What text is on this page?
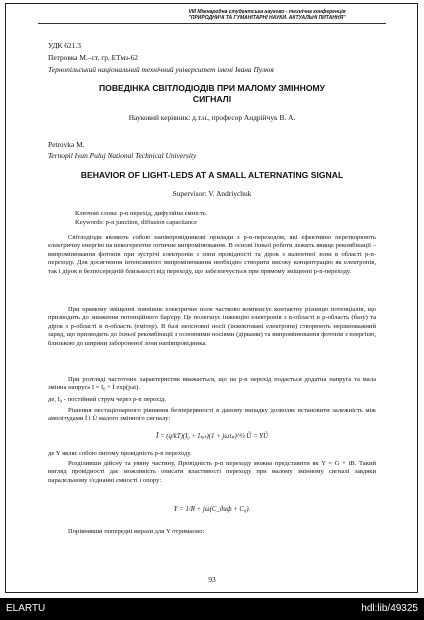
VIII Міжнародна студентська науково - технічна конференція
"ПРИРОДНИЧІ ТА ГУМАНІТАРНІ НАУКИ. АКТУАЛЬНІ ПИТАННЯ"
УДК 621.3
Петровка М.–ст. гр. ЕТмз-62
Тернопільський національний технічний університет імені Івана Пулюя
ПОВЕДІНКА СВІТЛОДІОДІВ ПРИ МАЛОМУ ЗМІННОМУ
СИГНАЛІ
Науковий керівник: д.т.н., професор Андрійчук В. А.
Petrovka M.
Ternopil Ivan Puluj National Technical University
BEHAVIOR OF LIGHT-LEDS AT A SMALL ALTERNATING SIGNAL
Supervisor: V. Andriychuk
Ключові слова: p-n перехід, дифузійна ємність
Keywords: p-n junction, diffusion capacitance
Світлодіоди являють собою напівпровідникові прилади з p-n-переходом, які ефективно перетворюють електричну енергію на некогерентне оптичне випромінювання. В основі їхньої роботи лежить явище рекомбінації – випромінювання фотонів при зустрічі електронів з зони провідності та дірок з валентної зони в області p-n-переходу. Для досягнення інтенсивного випромінювання необхідно створити високу концентрацію як електронів, так і дірок в безпосередній близькості від переходу, що забезпечується при прямому зміщенні p-n-переходу.
При прямому зміщенні зовнішнє електричне поле частково компенсує контактну різницю потенціалів, що призводить до зниження потенційного бар'єру. Це полегшує інжекцію електронів з n-області в p-область (базу) та дірок з p-області в n-область (емітер). В базі неосновні носії (інжектовані електрони) створюють нерівноважний заряд, що призводить до їхньої рекомбінації з основними носіями (дірками) та випромінювання фотонів з енергією, близькою до ширини забороненої зони напівпровідника.
При розгляді частотних характеристик вважається, що на p-n перехід подається додатна напруга та мала змінна напруга I = I₀ + Ĩ exp(jωt).
де, I₀ - постійний струм через p-n перехід.
Рішення нестаціонарного рівняння безперервності в даному випадку дозволяє встановити залежність між амплітудами Ĩ і Ũ малого змінного сигналу:
Ĩ = (q/kT)(I₀ + Iₛₐₜ)(1 + jωτₚ)^½ Ũ = YŨ
де Y являє собою питому провідність p-n переходу.
Розділивши дійсну та уявну частину. Провідність p-n переходу можна представити як Y = G + iB. Такий вигляд провідності дає можливість описати властивості переходу при малому змінному сигналі завдяки паралельному з'єднанні ємності і опору:
Y = 1/R + jω(C_диф + C₀).
Порівнявши попередні вирази для Y отримаємо:
93
ELARTU	hdl:lib/49325
